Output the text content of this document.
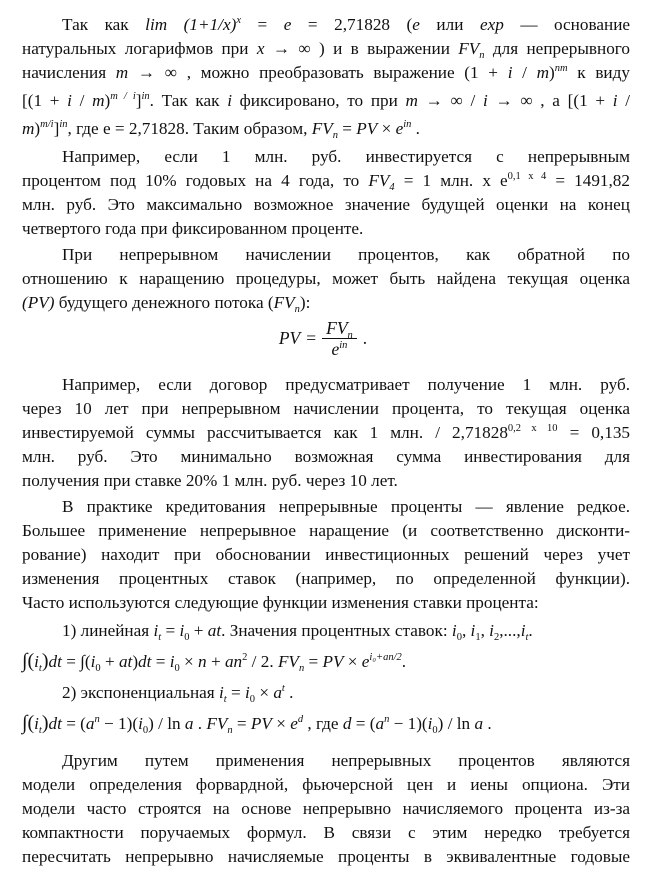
Так как $\lim (1+1/x)^x = e = 2,71828$ (e или exp — основание
натуральных логарифмов при x → ∞ ) и в выражении $FV_n$ для непрерывного
начисления m → ∞ , можно преобразовать выражение $(1 + i / m)^{nm}$ к виду
$[(1 + i / m)^{m / i}]^{in}$. Так как i фиксировано, то при m → ∞ / i → ∞ , а [(1 + i /
m)$^{m/i}$]$^{in}$, где e = 2,71828. Таким образом, $FV_n$ = PV × $e^{in}$ .
Например, если 1 млн. руб. инвестируется с непрерывным
процентом под 10% годовых на 4 года, то $FV_4 = 1$ млн. х $e^{0,1 х 4} = 1491,82$
млн. руб. Это максимально возможное значение будущей оценки на конец
четвертого года при фиксированном проценте.
При непрерывном начислении процентов, как обратной по
отношению к наращению процедуры, может быть найдена текущая оценка
(PV) будущего денежного потока $(FV_n)$:
PV = $\frac{FV_n}{e^{in}}$ .
Например, если договор предусматривает получение 1 млн. руб.
через 10 лет при непрерывном начислении процента, то текущая оценка
инвестируемой суммы рассчитывается как 1 млн. / $2,71828^{0,2 х 10} = 0,135$
млн. руб. Это минимально возможная сумма инвестирования для
получения при ставке 20% 1 млн. руб. через 10 лет.
В практике кредитования непрерывные проценты — явление редкое.
Большее применение непрерывное наращение (и соответственно дисконти-
рование) находит при обосновании инвестиционных решений через учет
изменения процентных ставок (например, по определенной функции).
Часто используются следующие функции изменения ставки процента:
1) линейная $i_t = i_0$ + at. Значения процентных ставок: $i_0$, $i_1$, $i_2,...,i_t$.
$\int(i_t)dt = \int(i_0 + at)dt = i_0 \times n + an^2 / 2$. $FV_n$ = PV × $e^{i_0+an/2}$.
2) экспоненциальная $i_t = i_0 \times a^t$ .
$\int(i_t)dt = (a^n - 1)(i_0) / \ln a$ . $FV_n$ = PV × $e^d$ , где $d = (a^n - 1)(i_0) / \ln a$ .
Другим путем применения непрерывных процентов являются
модели определения форвардной, фьючерсной цен и иены опциона. Эти
модели часто строятся на основе непрерывно начисляемого процента из-за
компактности поручаемых формул. В связи с этим нередко требуется
пересчитать непрерывно начисляемые проценты в эквивалентные годовые
